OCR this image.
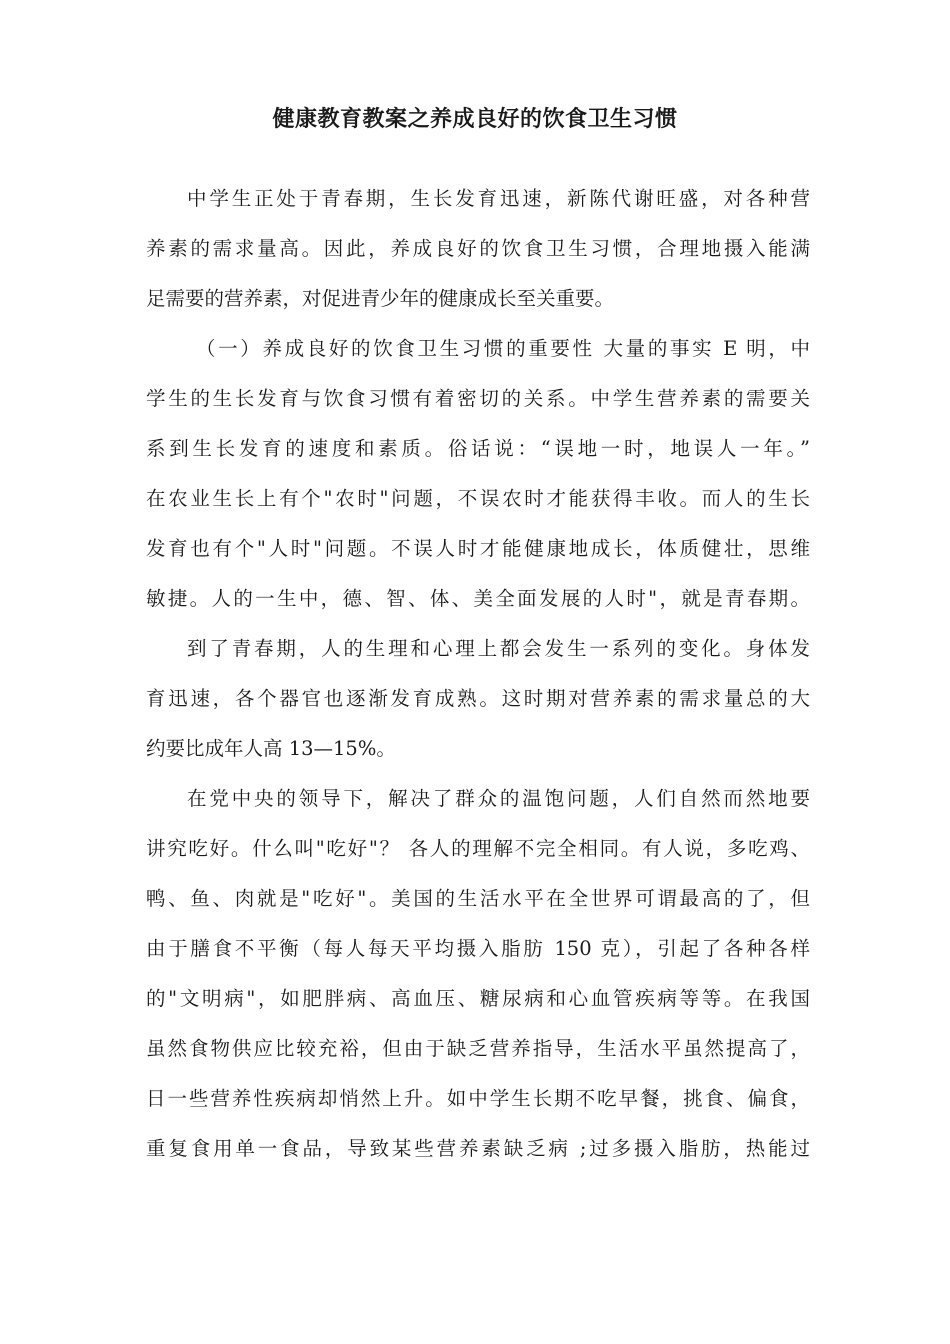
健康教育教案之养成良好的饮食卫生习惯
中学生正处于青春期，生长发育迅速，新陈代谢旺盛，对各种营
养素的需求量高。因此，养成良好的饮食卫生习惯，合理地摄入能满
足需要的营养素，对促进青少年的健康成长至关重要。
（一）养成良好的饮食卫生习惯的重要性 大量的事实 E 明，中
学生的生长发育与饮食习惯有着密切的关系。中学生营养素的需要关
系到生长发育的速度和素质。俗话说：“误地一时，地误人一年。”
在农业生长上有个"农时"问题，不误农时才能获得丰收。而人的生长
发育也有个"人时"问题。不误人时才能健康地成长，体质健壮，思维
敏捷。人的一生中，德、智、体、美全面发展的人时"，就是青春期。
到了青春期，人的生理和心理上都会发生一系列的变化。身体发
育迅速，各个器官也逐渐发育成熟。这时期对营养素的需求量总的大
约要比成年人高 13—15%。
在党中央的领导下，解决了群众的温饱问题，人们自然而然地要
讲究吃好。什么叫"吃好"？ 各人的理解不完全相同。有人说，多吃鸡、
鸭、鱼、肉就是"吃好"。美国的生活水平在全世界可谓最高的了，但
由于膳食不平衡（每人每天平均摄入脂肪 150 克），引起了各种各样
的"文明病"，如肥胖病、高血压、糖尿病和心血管疾病等等。在我国
虽然食物供应比较充裕，但由于缺乏营养指导，生活水平虽然提高了，
日一些营养性疾病却悄然上升。如中学生长期不吃早餐，挑食、偏食，
重复食用单一食品，导致某些营养素缺乏病 ;过多摄入脂肪，热能过
